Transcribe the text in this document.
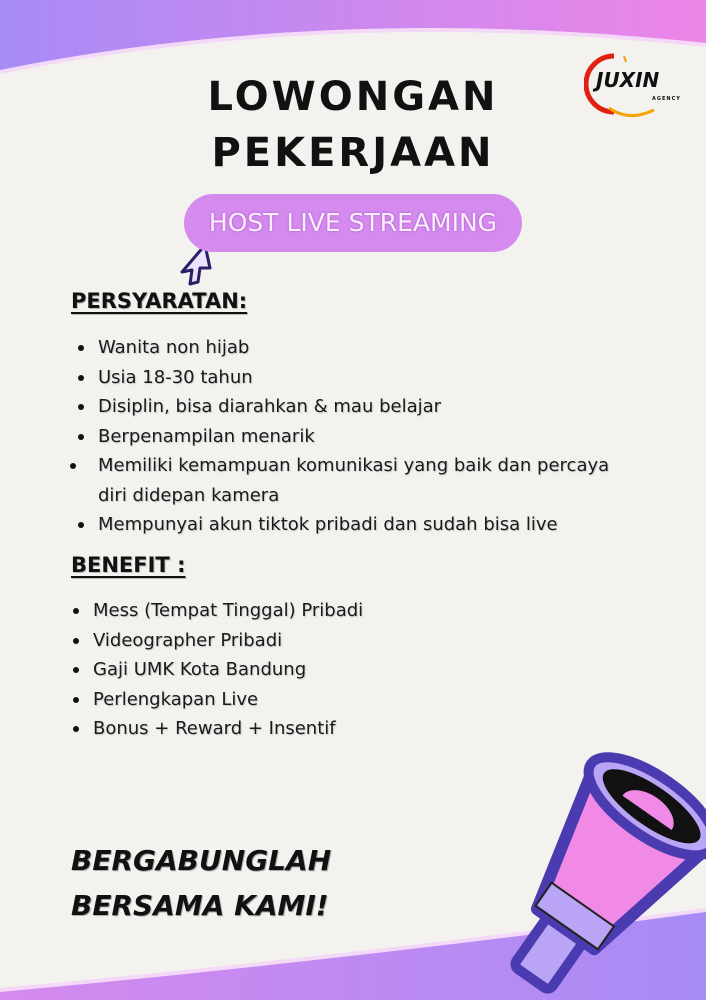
JUXIN
AGENCY
LOWONGAN
PEKERJAAN
HOST LIVE STREAMING
PERSYARATAN:
Wanita non hijab
Usia 18-30 tahun
Disiplin, bisa diarahkan & mau belajar
Berpenampilan menarik
Memiliki kemampuan komunikasi yang baik dan percaya diri didepan kamera
Mempunyai akun tiktok pribadi dan sudah bisa live
BENEFIT :
Mess (Tempat Tinggal) Pribadi
Videographer Pribadi
Gaji UMK Kota Bandung
Perlengkapan Live
Bonus + Reward + Insentif
BERGABUNGLAH
BERSAMA KAMI!
